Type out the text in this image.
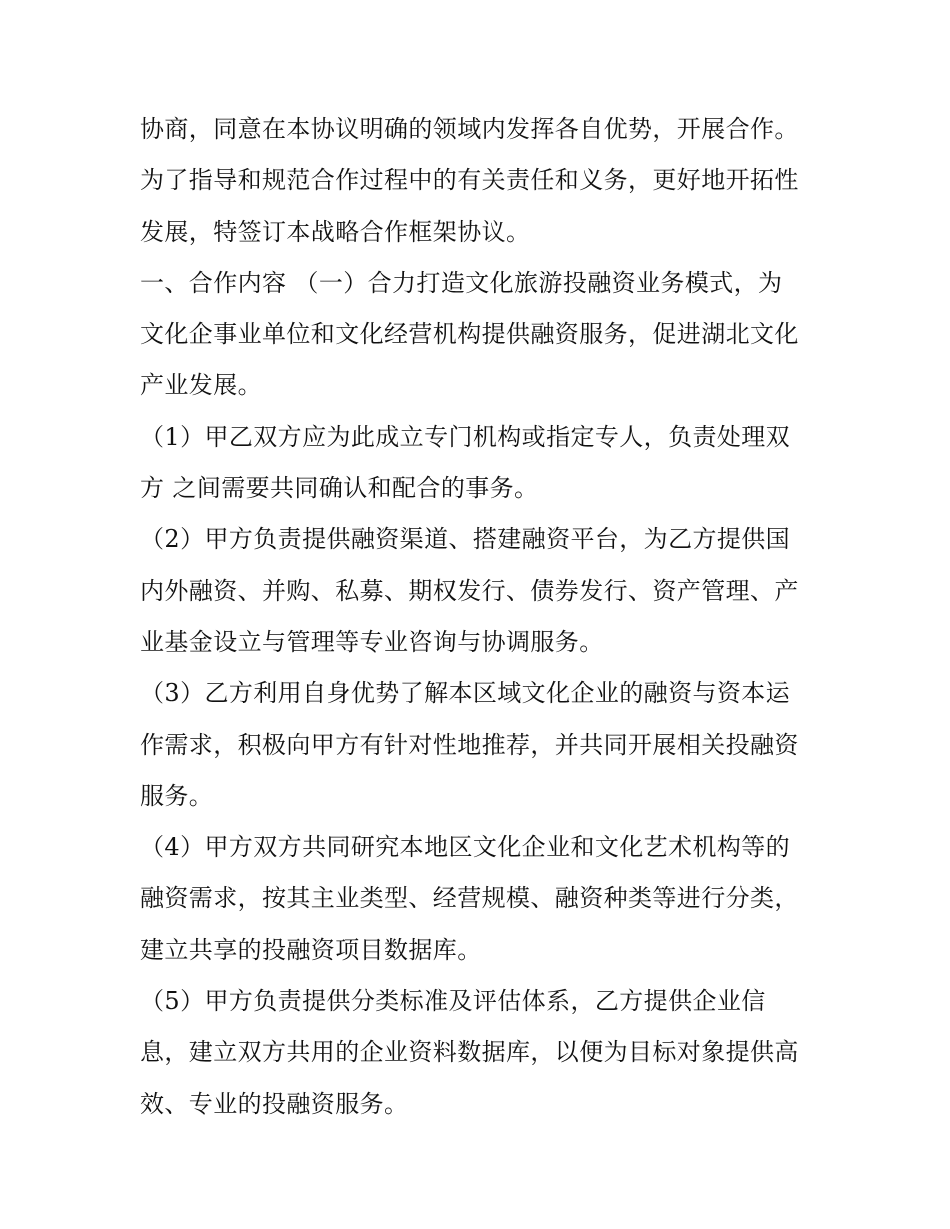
协商，同意在本协议明确的领域内发挥各自优势，开展合作。
为了指导和规范合作过程中的有关责任和义务，更好地开拓性
发展，特签订本战略合作框架协议。
一、合作内容 （一）合力打造文化旅游投融资业务模式，为
文化企事业单位和文化经营机构提供融资服务，促进湖北文化
产业发展。
（1）甲乙双方应为此成立专门机构或指定专人，负责处理双
方 之间需要共同确认和配合的事务。
（2）甲方负责提供融资渠道、搭建融资平台，为乙方提供国
内外融资、并购、私募、期权发行、债券发行、资产管理、产
业基金设立与管理等专业咨询与协调服务。
（3）乙方利用自身优势了解本区域文化企业的融资与资本运
作需求，积极向甲方有针对性地推荐，并共同开展相关投融资
服务。
（4）甲方双方共同研究本地区文化企业和文化艺术机构等的
融资需求，按其主业类型、经营规模、融资种类等进行分类，
建立共享的投融资项目数据库。
（5）甲方负责提供分类标准及评估体系，乙方提供企业信
息，建立双方共用的企业资料数据库，以便为目标对象提供高
效、专业的投融资服务。
